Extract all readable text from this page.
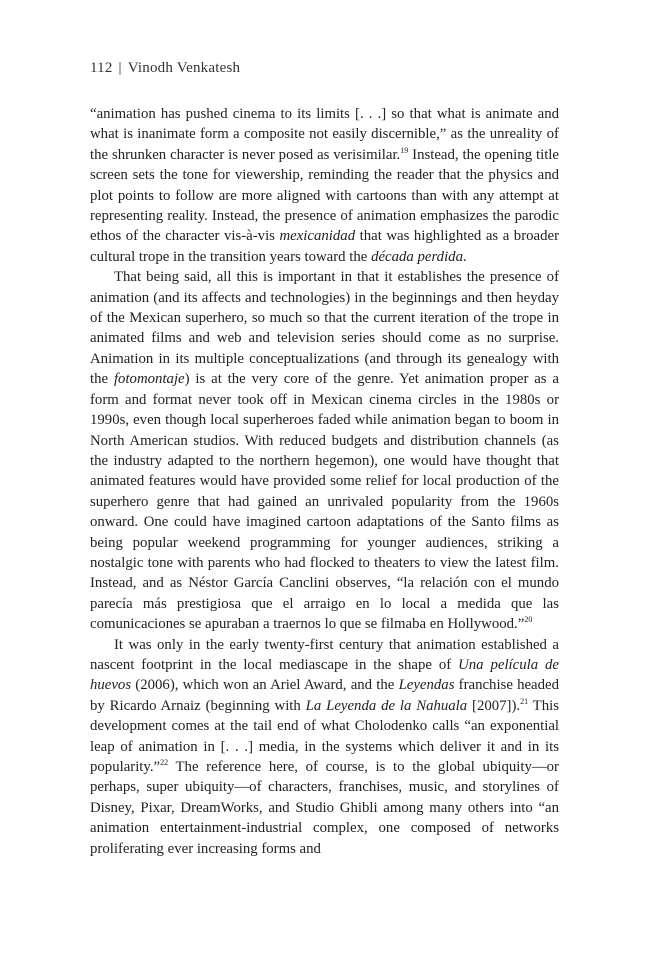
112 | Vinodh Venkatesh

“animation has pushed cinema to its limits [. . .] so that what is animate and what is inanimate form a composite not easily discernible,” as the unreality of the shrunken character is never posed as verisimilar.$^{19}$ Instead, the opening title screen sets the tone for viewership, reminding the reader that the physics and plot points to follow are more aligned with cartoons than with any attempt at representing reality. Instead, the presence of animation emphasizes the parodic ethos of the character vis-à-vis mexicanidad that was highlighted as a broader cultural trope in the transition years toward the década perdida.

That being said, all this is important in that it establishes the presence of animation (and its affects and technologies) in the beginnings and then heyday of the Mexican superhero, so much so that the current iteration of the trope in animated films and web and television series should come as no surprise. Animation in its multiple conceptualizations (and through its genealogy with the fotomontaje) is at the very core of the genre. Yet animation proper as a form and format never took off in Mexican cinema circles in the 1980s or 1990s, even though local superheroes faded while animation began to boom in North American studios. With reduced budgets and distribution channels (as the industry adapted to the northern hegemon), one would have thought that animated features would have provided some relief for local production of the superhero genre that had gained an unrivaled popularity from the 1960s onward. One could have imagined cartoon adaptations of the Santo films as being popular weekend programming for younger audiences, striking a nostalgic tone with parents who had flocked to theaters to view the latest film. Instead, and as Néstor García Canclini observes, “la relación con el mundo parecía más prestigiosa que el arraigo en lo local a medida que las comunicaciones se apuraban a traernos lo que se filmaba en Hollywood.”$^{20}$

It was only in the early twenty-first century that animation established a nascent footprint in the local mediascape in the shape of Una película de huevos (2006), which won an Ariel Award, and the Leyendas franchise headed by Ricardo Arnaiz (beginning with La Leyenda de la Nahuala [2007]).$^{21}$ This development comes at the tail end of what Cholodenko calls “an exponential leap of animation in [. . .] media, in the systems which deliver it and in its popularity.”$^{22}$ The reference here, of course, is to the global ubiquity—or perhaps, super ubiquity—of characters, franchises, music, and storylines of Disney, Pixar, DreamWorks, and Studio Ghibli among many others into “an animation entertainment-industrial complex, one composed of networks proliferating ever increasing forms and
